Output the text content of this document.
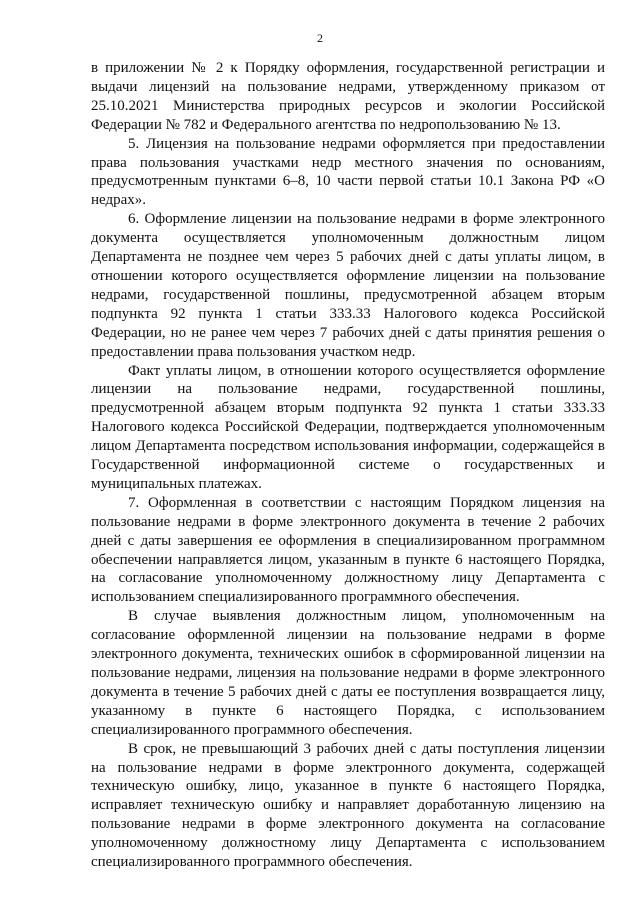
2

в приложении № 2 к Порядку оформления, государственной регистрации и выдачи лицензий на пользование недрами, утвержденному приказом от 25.10.2021 Министерства природных ресурсов и экологии Российской Федерации № 782 и Федерального агентства по недропользованию № 13.

5. Лицензия на пользование недрами оформляется при предоставлении права пользования участками недр местного значения по основаниям, предусмотренным пунктами 6–8, 10 части первой статьи 10.1 Закона РФ «О недрах».

6. Оформление лицензии на пользование недрами в форме электронного документа осуществляется уполномоченным должностным лицом Департамента не позднее чем через 5 рабочих дней с даты уплаты лицом, в отношении которого осуществляется оформление лицензии на пользование недрами, государственной пошлины, предусмотренной абзацем вторым подпункта 92 пункта 1 статьи 333.33 Налогового кодекса Российской Федерации, но не ранее чем через 7 рабочих дней с даты принятия решения о предоставлении права пользования участком недр.

Факт уплаты лицом, в отношении которого осуществляется оформление лицензии на пользование недрами, государственной пошлины, предусмотренной абзацем вторым подпункта 92 пункта 1 статьи 333.33 Налогового кодекса Российской Федерации, подтверждается уполномоченным лицом Департамента посредством использования информации, содержащейся в Государственной информационной системе о государственных и муниципальных платежах.

7. Оформленная в соответствии с настоящим Порядком лицензия на пользование недрами в форме электронного документа в течение 2 рабочих дней с даты завершения ее оформления в специализированном программном обеспечении направляется лицом, указанным в пункте 6 настоящего Порядка, на согласование уполномоченному должностному лицу Департамента с использованием специализированного программного обеспечения.

В случае выявления должностным лицом, уполномоченным на согласование оформленной лицензии на пользование недрами в форме электронного документа, технических ошибок в сформированной лицензии на пользование недрами, лицензия на пользование недрами в форме электронного документа в течение 5 рабочих дней с даты ее поступления возвращается лицу, указанному в пункте 6 настоящего Порядка, с использованием специализированного программного обеспечения.

В срок, не превышающий 3 рабочих дней с даты поступления лицензии на пользование недрами в форме электронного документа, содержащей техническую ошибку, лицо, указанное в пункте 6 настоящего Порядка, исправляет техническую ошибку и направляет доработанную лицензию на пользование недрами в форме электронного документа на согласование уполномоченному должностному лицу Департамента с использованием специализированного программного обеспечения.
